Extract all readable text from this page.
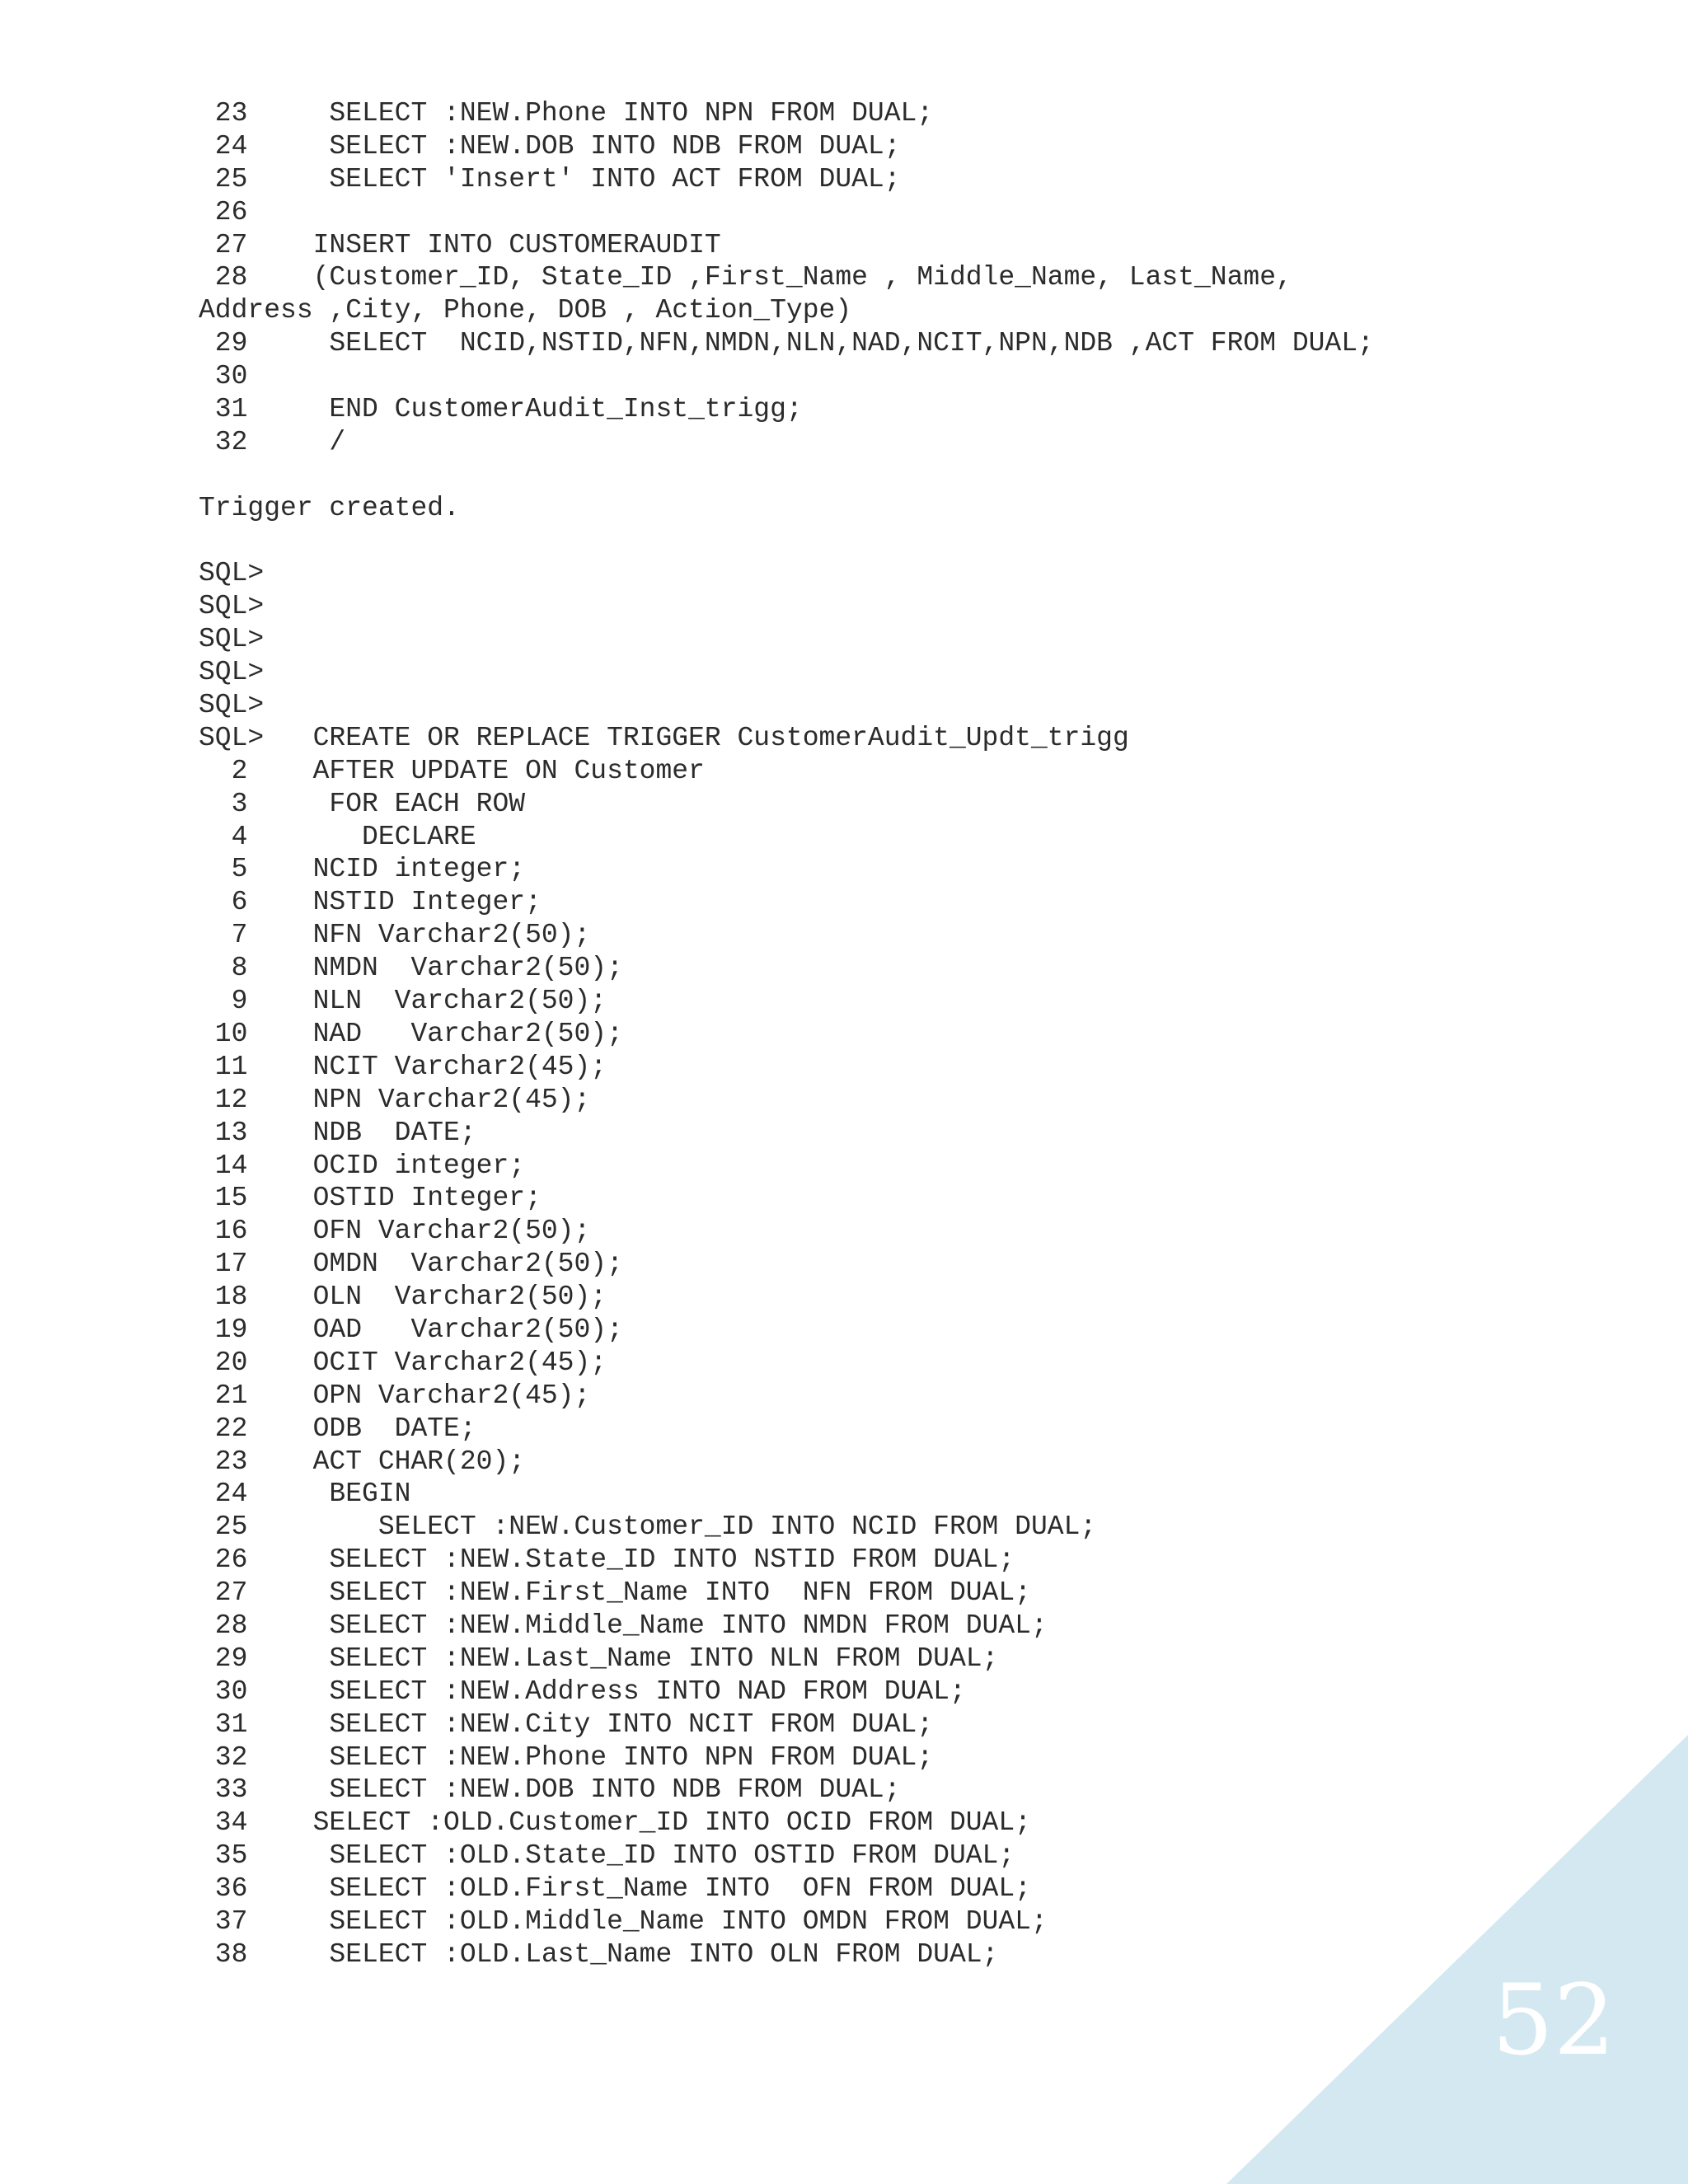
23     SELECT :NEW.Phone INTO NPN FROM DUAL;
24     SELECT :NEW.DOB INTO NDB FROM DUAL;
25     SELECT 'Insert' INTO ACT FROM DUAL;
26
27    INSERT INTO CUSTOMERAUDIT
28    (Customer_ID, State_ID ,First_Name , Middle_Name, Last_Name,
Address ,City, Phone, DOB , Action_Type)
29     SELECT  NCID,NSTID,NFN,NMDN,NLN,NAD,NCIT,NPN,NDB ,ACT FROM DUAL;
30
31     END CustomerAudit_Inst_trigg;
32     /

Trigger created.

SQL>
SQL>
SQL>
SQL>
SQL>
SQL>   CREATE OR REPLACE TRIGGER CustomerAudit_Updt_trigg
2    AFTER UPDATE ON Customer
3     FOR EACH ROW
4       DECLARE
5    NCID integer;
6    NSTID Integer;
7    NFN Varchar2(50);
8    NMDN  Varchar2(50);
9    NLN  Varchar2(50);
10    NAD   Varchar2(50);
11    NCIT Varchar2(45);
12    NPN Varchar2(45);
13    NDB  DATE;
14    OCID integer;
15    OSTID Integer;
16    OFN Varchar2(50);
17    OMDN  Varchar2(50);
18    OLN  Varchar2(50);
19    OAD   Varchar2(50);
20    OCIT Varchar2(45);
21    OPN Varchar2(45);
22    ODB  DATE;
23    ACT CHAR(20);
24     BEGIN
25        SELECT :NEW.Customer_ID INTO NCID FROM DUAL;
26     SELECT :NEW.State_ID INTO NSTID FROM DUAL;
27     SELECT :NEW.First_Name INTO  NFN FROM DUAL;
28     SELECT :NEW.Middle_Name INTO NMDN FROM DUAL;
29     SELECT :NEW.Last_Name INTO NLN FROM DUAL;
30     SELECT :NEW.Address INTO NAD FROM DUAL;
31     SELECT :NEW.City INTO NCIT FROM DUAL;
32     SELECT :NEW.Phone INTO NPN FROM DUAL;
33     SELECT :NEW.DOB INTO NDB FROM DUAL;
34    SELECT :OLD.Customer_ID INTO OCID FROM DUAL;
35     SELECT :OLD.State_ID INTO OSTID FROM DUAL;
36     SELECT :OLD.First_Name INTO  OFN FROM DUAL;
37     SELECT :OLD.Middle_Name INTO OMDN FROM DUAL;
38     SELECT :OLD.Last_Name INTO OLN FROM DUAL;
52
